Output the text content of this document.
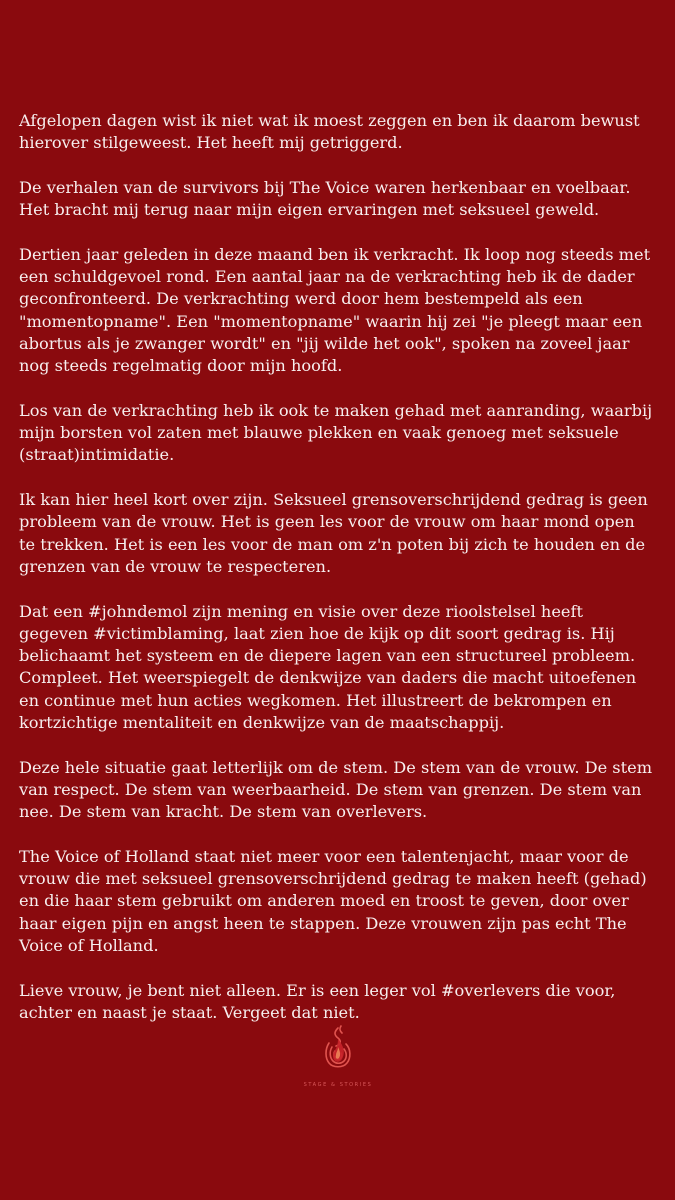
Afgelopen dagen wist ik niet wat ik moest zeggen en ben ik daarom bewust
hierover stilgeweest. Het heeft mij getriggerd.

De verhalen van de survivors bij The Voice waren herkenbaar en voelbaar.
Het bracht mij terug naar mijn eigen ervaringen met seksueel geweld.

Dertien jaar geleden in deze maand ben ik verkracht. Ik loop nog steeds met
een schuldgevoel rond. Een aantal jaar na de verkrachting heb ik de dader
geconfronteerd. De verkrachting werd door hem bestempeld als een
"momentopname". Een "momentopname" waarin hij zei "je pleegt maar een
abortus als je zwanger wordt" en "jij wilde het ook", spoken na zoveel jaar
nog steeds regelmatig door mijn hoofd.

Los van de verkrachting heb ik ook te maken gehad met aanranding, waarbij
mijn borsten vol zaten met blauwe plekken en vaak genoeg met seksuele
(straat)intimidatie.

Ik kan hier heel kort over zijn. Seksueel grensoverschrijdend gedrag is geen
probleem van de vrouw. Het is geen les voor de vrouw om haar mond open
te trekken. Het is een les voor de man om z'n poten bij zich te houden en de
grenzen van de vrouw te respecteren.

Dat een #johndemol zijn mening en visie over deze rioolstelsel heeft
gegeven #victimblaming, laat zien hoe de kijk op dit soort gedrag is. Hij
belichaamt het systeem en de diepere lagen van een structureel probleem.
Compleet. Het weerspiegelt de denkwijze van daders die macht uitoefenen
en continue met hun acties wegkomen. Het illustreert de bekrompen en
kortzichtige mentaliteit en denkwijze van de maatschappij.

Deze hele situatie gaat letterlijk om de stem. De stem van de vrouw. De stem
van respect. De stem van weerbaarheid. De stem van grenzen. De stem van
nee. De stem van kracht. De stem van overlevers.

The Voice of Holland staat niet meer voor een talentenjacht, maar voor de
vrouw die met seksueel grensoverschrijdend gedrag te maken heeft (gehad)
en die haar stem gebruikt om anderen moed en troost te geven, door over
haar eigen pijn en angst heen te stappen. Deze vrouwen zijn pas echt The
Voice of Holland.

Lieve vrouw, je bent niet alleen. Er is een leger vol #overlevers die voor,
achter en naast je staat. Vergeet dat niet.

STAGE & STORIES
